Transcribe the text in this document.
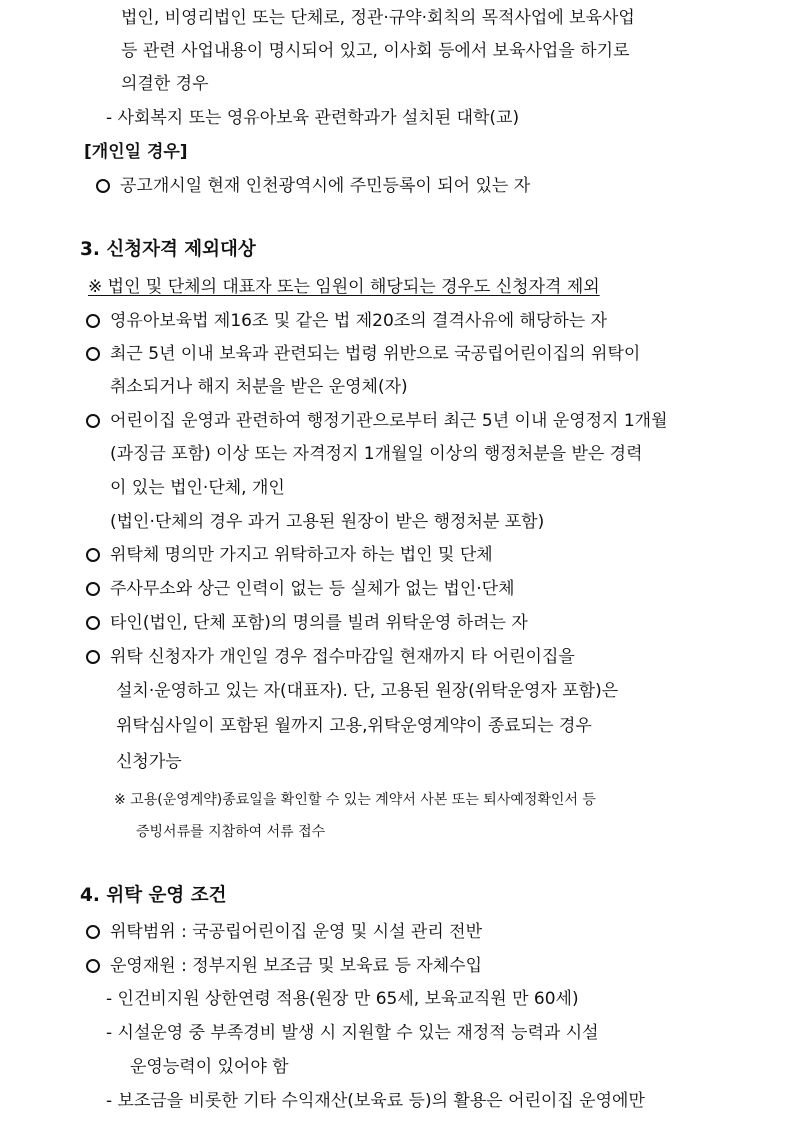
법인, 비영리법인 또는 단체로, 정관·규약·회칙의 목적사업에 보육사업
등 관련 사업내용이 명시되어 있고, 이사회 등에서 보육사업을 하기로
의결한 경우
- 사회복지 또는 영유아보육 관련학과가 설치된 대학(교)
[개인일 경우]
공고개시일 현재 인천광역시에 주민등록이 되어 있는 자
3. 신청자격 제외대상
※ 법인 및 단체의 대표자 또는 임원이 해당되는 경우도 신청자격 제외
영유아보육법 제16조 및 같은 법 제20조의 결격사유에 해당하는 자
최근 5년 이내 보육과 관련되는 법령 위반으로 국공립어린이집의 위탁이
취소되거나 해지 처분을 받은 운영체(자)
어린이집 운영과 관련하여 행정기관으로부터 최근 5년 이내 운영정지 1개월
(과징금 포함) 이상 또는 자격정지 1개월일 이상의 행정처분을 받은 경력
이 있는 법인·단체, 개인
(법인·단체의 경우 과거 고용된 원장이 받은 행정처분 포함)
위탁체 명의만 가지고 위탁하고자 하는 법인 및 단체
주사무소와 상근 인력이 없는 등 실체가 없는 법인·단체
타인(법인, 단체 포함)의 명의를 빌려 위탁운영 하려는 자
위탁 신청자가 개인일 경우 접수마감일 현재까지 타 어린이집을
설치·운영하고 있는 자(대표자). 단, 고용된 원장(위탁운영자 포함)은
위탁심사일이 포함된 월까지 고용,위탁운영계약이 종료되는 경우
신청가능
※ 고용(운영계약)종료일을 확인할 수 있는 계약서 사본 또는 퇴사예정확인서 등
증빙서류를 지참하여 서류 접수
4. 위탁 운영 조건
위탁범위 : 국공립어린이집 운영 및 시설 관리 전반
운영재원 : 정부지원 보조금 및 보육료 등 자체수입
- 인건비지원 상한연령 적용(원장 만 65세, 보육교직원 만 60세)
- 시설운영 중 부족경비 발생 시 지원할 수 있는 재정적 능력과 시설
운영능력이 있어야 함
- 보조금을 비롯한 기타 수익재산(보육료 등)의 활용은 어린이집 운영에만
